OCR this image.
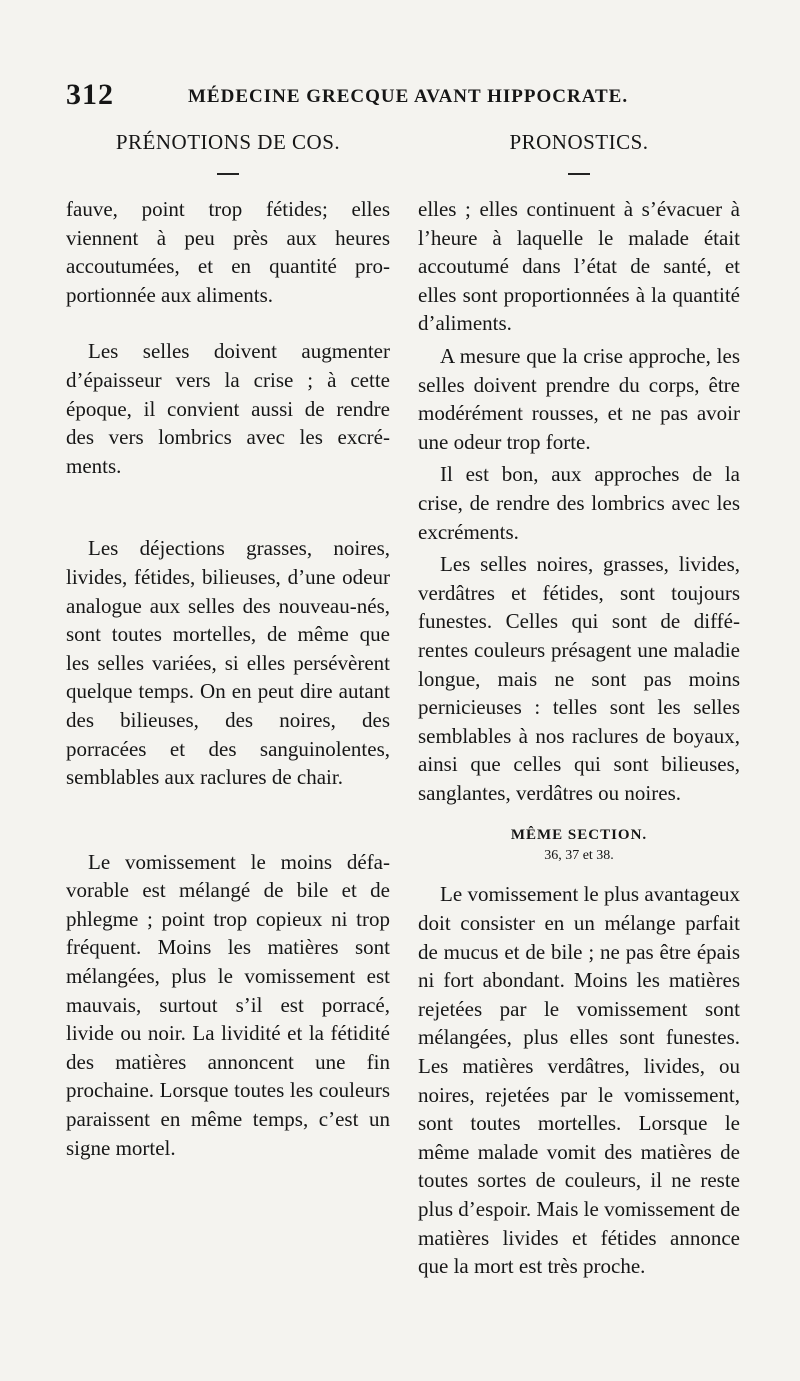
312	MÉDECINE GRECQUE AVANT HIPPOCRATE.
PRÉNOTIONS DE COS.

fauve, point trop fétides; elles viennent à peu près aux heures accoutumées, et en quantité proportionnée aux aliments.

Les selles doivent augmenter d’épaisseur vers la crise ; à cette époque, il convient aussi de rendre des vers lombrics avec les excréments.

Les déjections grasses, noires, livides, fétides, bilieuses, d’une odeur analogue aux selles des nouveau-nés, sont toutes mortelles, de même que les selles variées, si elles persévèrent quelque temps. On en peut dire autant des bilieuses, des noires, des porracées et des sanguinolentes, semblables aux raclures de chair.

Le vomissement le moins défavorable est mélangé de bile et de phlegme ; point trop copieux ni trop fréquent. Moins les matières sont mélangées, plus le vomissement est mauvais, surtout s’il est porracé, livide ou noir. La lividité et la fétidité des matières annoncent une fin prochaine. Lorsque toutes les couleurs paraissent en même temps, c’est un signe mortel.

PRONOSTICS.

elles ; elles continuent à s’évacuer à l’heure à laquelle le malade était accoutumé dans l’état de santé, et elles sont proportionnées à la quantité d’aliments.

A mesure que la crise approche, les selles doivent prendre du corps, être modérément rousses, et ne pas avoir une odeur trop forte.

Il est bon, aux approches de la crise, de rendre des lombrics avec les excréments.

Les selles noires, grasses, livides, verdâtres et fétides, sont toujours funestes. Celles qui sont de différentes couleurs présagent une maladie longue, mais ne sont pas moins pernicieuses : telles sont les selles semblables à nos raclures de boyaux, ainsi que celles qui sont bilieuses, sanglantes, verdâtres ou noires.

MÊME SECTION.

36, 37 et 38.

Le vomissement le plus avantageux doit consister en un mélange parfait de mucus et de bile ; ne pas être épais ni fort abondant. Moins les matières rejetées par le vomissement sont mélangées, plus elles sont funestes. Les matières verdâtres, livides, ou noires, rejetées par le vomissement, sont toutes mortelles. Lorsque le même malade vomit des matières de toutes sortes de couleurs, il ne reste plus d’espoir. Mais le vomissement de matières livides et fétides annonce que la mort est très proche.
